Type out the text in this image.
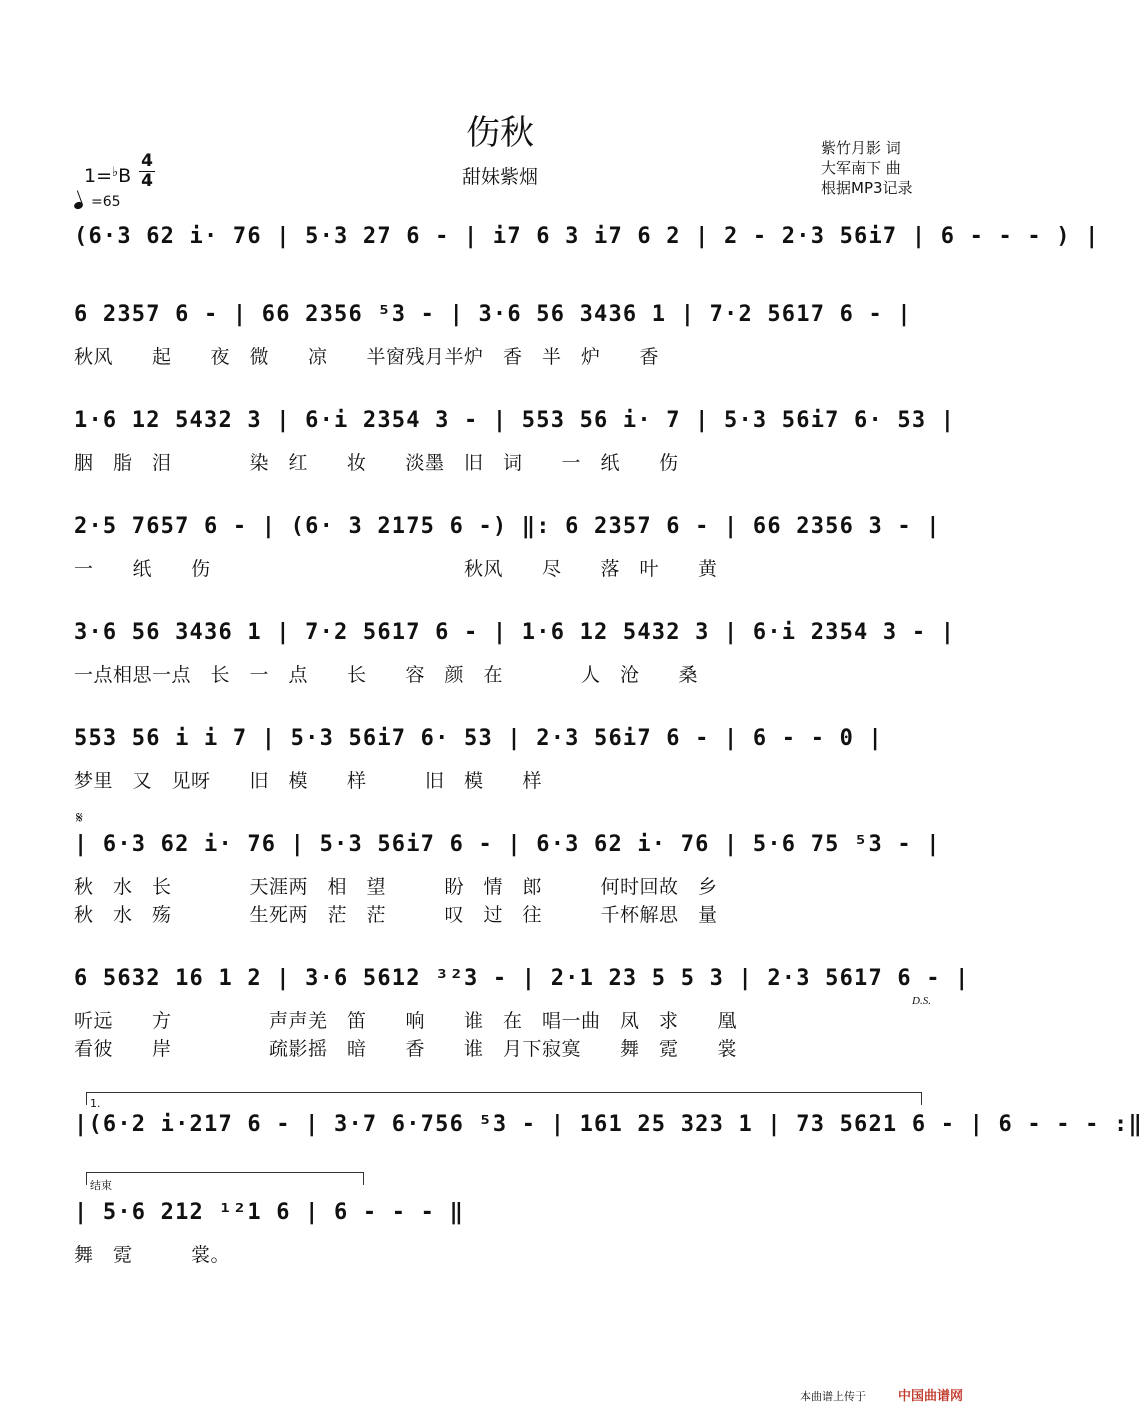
伤秋
甜妹紫烟
紫竹月影 词
大军南下 曲
根据MP3记录
1=♭B
4
4
=65
(6·3 62 i· 76 | 5·3 27 6 - | i7 6 3 i7 6 2 | 2 - 2·3 56i7 | 6 - - - ) |
6 2357 6 - | 66 2356 ⁵3 - | 3·6 56 3436 1 | 7·2 5617 6 - |
秋风　　起　　夜　微　　凉　　半窗残月半炉　香　半　炉　　香
1·6 12 5432 3 | 6·i 2354 3 - | 553 56 i· 7 | 5·3 56i7 6· 53 |
胭　脂　泪　　　　染　红　　妆　　淡墨　旧　词　　一　纸　　伤
2·5 7657 6 - | (6· 3 2175 6 -) ‖: 6 2357 6 - | 66 2356 3 - |
一　　纸　　伤　　　　　　　　　　　　　秋风　　尽　　落　叶　　黄
3·6 56 3436 1 | 7·2 5617 6 - | 1·6 12 5432 3 | 6·i 2354 3 - |
一点相思一点　长　一　点　　长　　容　颜　在　　　　人　沧　　桑
553 56 i i 7 | 5·3 56i7 6· 53 | 2·3 56i7 6 - | 6 - - 0 |
梦里　又　见呀　　旧　模　　样　　　旧　模　　样
𝄋
| 6·3 62 i· 76 | 5·3 56i7 6 - | 6·3 62 i· 76 | 5·6 75 ⁵3 - |
秋　水　长　　　　天涯两　相　望　　　盼　情　郎　　　何时回故　乡
秋　水　殇　　　　生死两　茫　茫　　　叹　过　往　　　千杯解思　量
6 5632 16 1 2 | 3·6 5612 ³²3 - | 2·1 23 5 5 3 | 2·3 5617 6 - |
D.S.
听远　　方　　　　　声声羌　笛　　响　　谁　在　唱一曲　凤　求　　凰
看彼　　岸　　　　　疏影摇　暗　　香　　谁　月下寂寞　　舞　霓　　裳
1.
|(6·2 i·217 6 - | 3·7 6·756 ⁵3 - | 161 25 323 1 | 73 5621 6 - | 6 - - - :‖
结束
| 5·6 212 ¹²1 6 | 6 - - - ‖
舞　霓　　　裳。
本曲谱上传于 中国曲谱网
